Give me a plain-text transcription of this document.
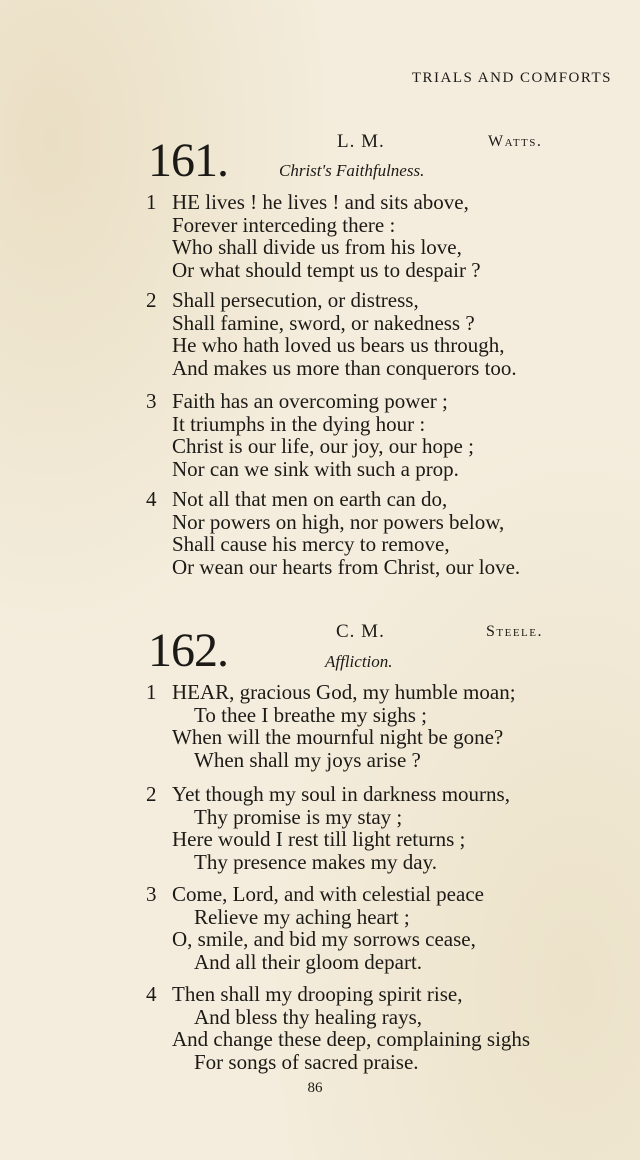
TRIALS AND COMFORTS

161.	L. M.	Watts.
Christ's Faithfulness.
1 HE lives ! he lives ! and sits above,
Forever interceding there :
Who shall divide us from his love,
Or what should tempt us to despair ?
2 Shall persecution, or distress,
Shall famine, sword, or nakedness ?
He who hath loved us bears us through,
And makes us more than conquerors too.
3 Faith has an overcoming power ;
It triumphs in the dying hour :
Christ is our life, our joy, our hope ;
Nor can we sink with such a prop.
4 Not all that men on earth can do,
Nor powers on high, nor powers below,
Shall cause his mercy to remove,
Or wean our hearts from Christ, our love.
162.	C. M.	Steele.
Affliction.
1 HEAR, gracious God, my humble moan;
To thee I breathe my sighs ;
When will the mournful night be gone?
When shall my joys arise ?
2 Yet though my soul in darkness mourns,
Thy promise is my stay ;
Here would I rest till light returns ;
Thy presence makes my day.
3 Come, Lord, and with celestial peace
Relieve my aching heart ;
O, smile, and bid my sorrows cease,
And all their gloom depart.
4 Then shall my drooping spirit rise,
And bless thy healing rays,
And change these deep, complaining sighs
For songs of sacred praise.
86
